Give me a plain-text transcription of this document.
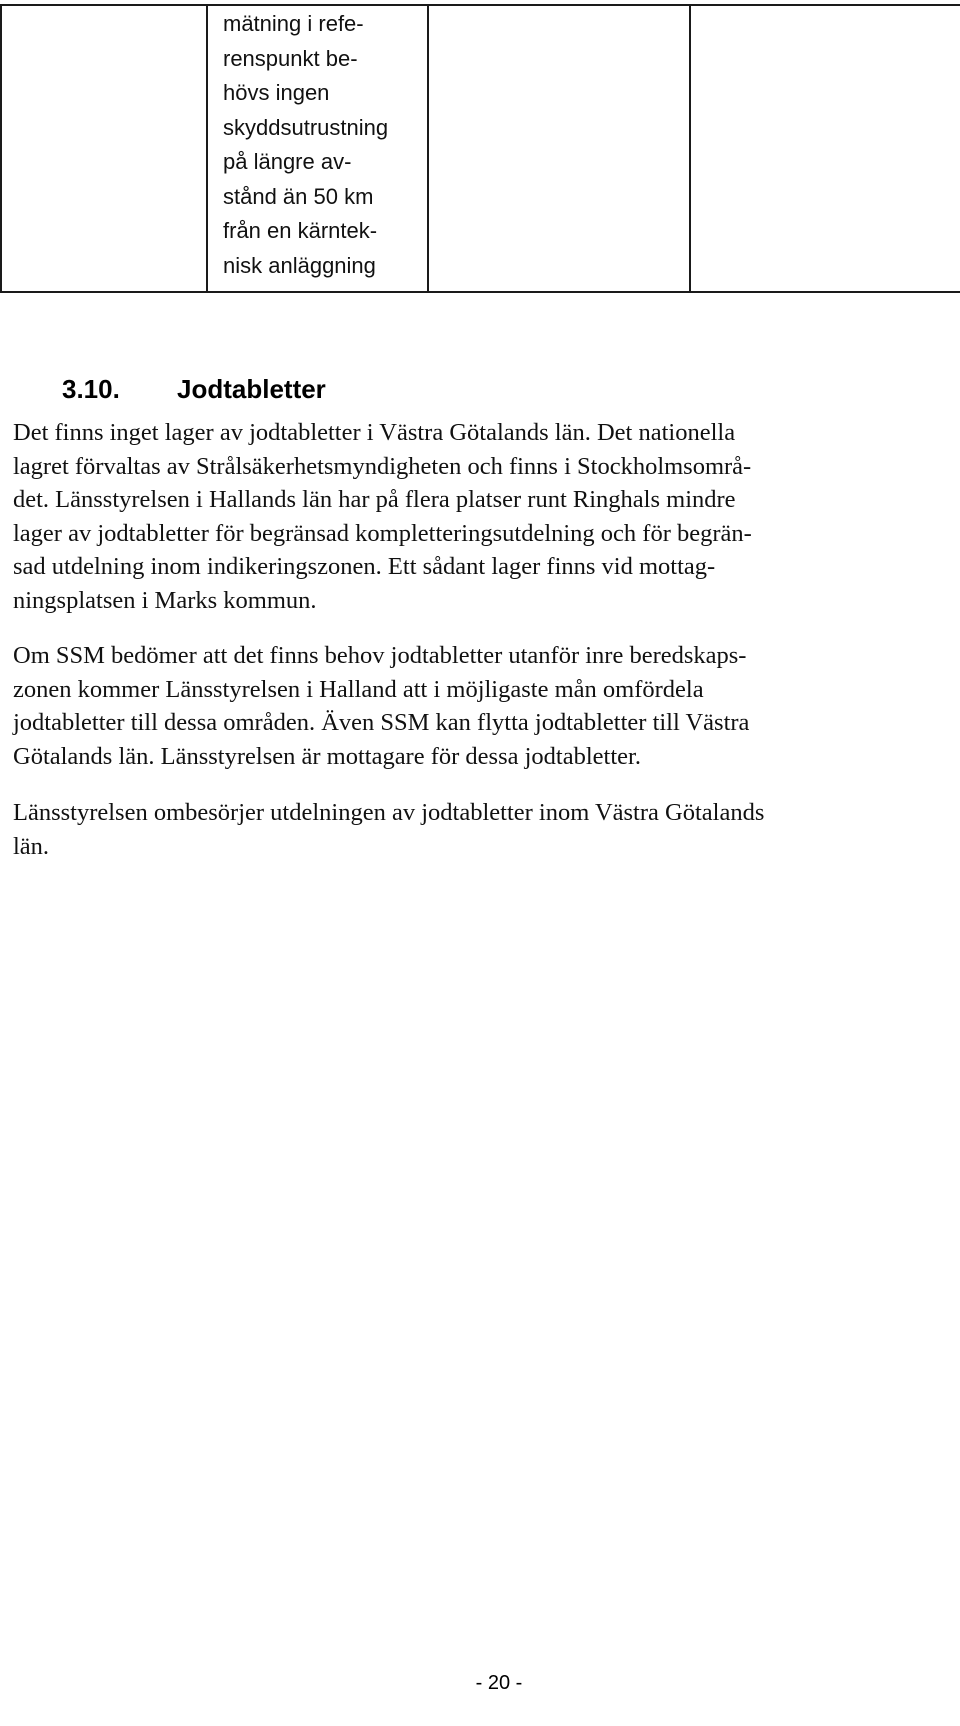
mätning i refe-
renspunkt be-
hövs ingen
skyddsutrustning
på längre av-
stånd än 50 km
från en kärntek-
nisk anläggning

3.10. Jodtabletter

Det finns inget lager av jodtabletter i Västra Götalands län. Det nationella
lagret förvaltas av Strålsäkerhetsmyndigheten och finns i Stockholmsområ-
det. Länsstyrelsen i Hallands län har på flera platser runt Ringhals mindre
lager av jodtabletter för begränsad kompletteringsutdelning och för begrän-
sad utdelning inom indikeringszonen. Ett sådant lager finns vid mottag-
ningsplatsen i Marks kommun.

Om SSM bedömer att det finns behov jodtabletter utanför inre beredskaps-
zonen kommer Länsstyrelsen i Halland att i möjligaste mån omfördela
jodtabletter till dessa områden. Även SSM kan flytta jodtabletter till Västra
Götalands län. Länsstyrelsen är mottagare för dessa jodtabletter.

Länsstyrelsen ombesörjer utdelningen av jodtabletter inom Västra Götalands
län.

- 20 -
